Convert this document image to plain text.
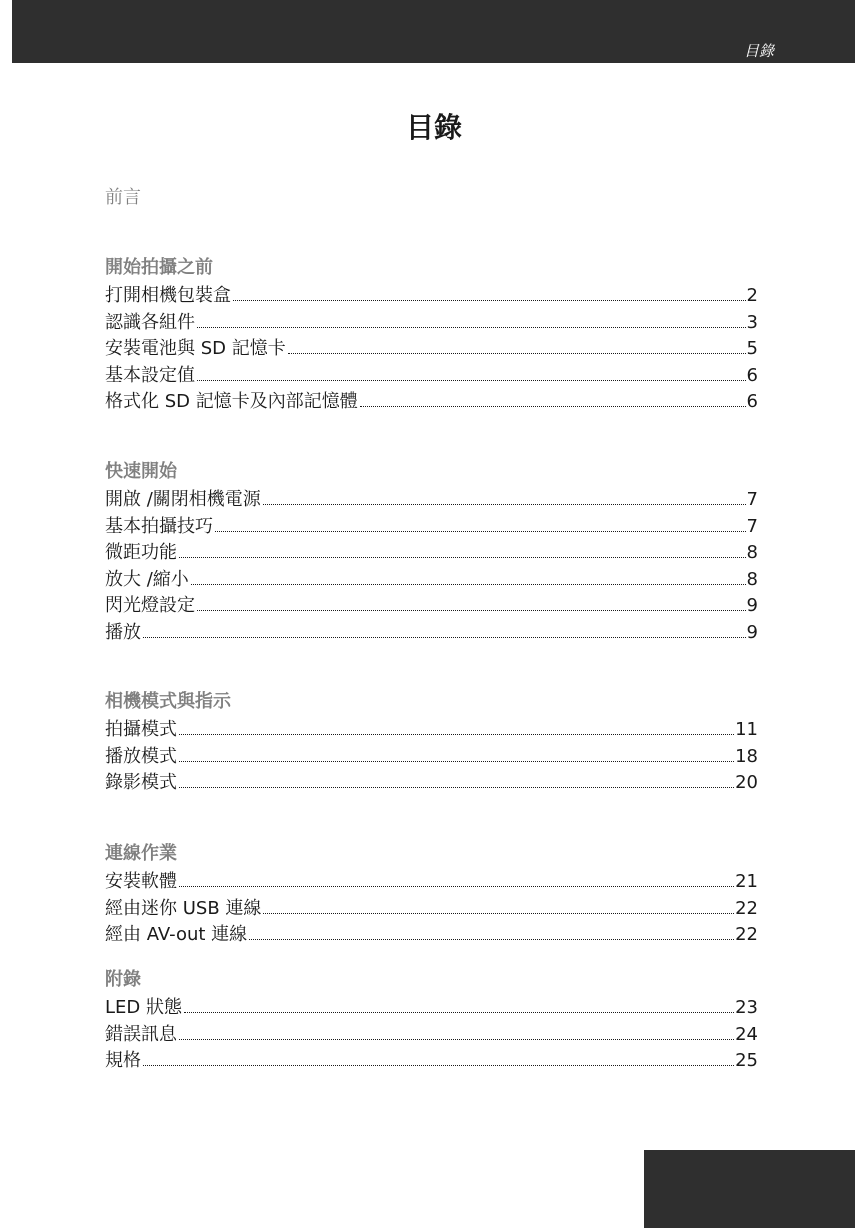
目錄
目錄
前言
開始拍攝之前
打開相機包裝盒	2
認識各組件	3
安裝電池與 SD 記憶卡	5
基本設定值	6
格式化 SD 記憶卡及內部記憶體	6
快速開始
開啟 /關閉相機電源	7
基本拍攝技巧	7
微距功能	8
放大 /縮小	8
閃光燈設定	9
播放	9
相機模式與指示
拍攝模式	11
播放模式	18
錄影模式	20
連線作業
安裝軟體	21
經由迷你 USB 連線	22
經由 AV-out 連線	22
附錄
LED 狀態	23
錯誤訊息	24
規格	25
